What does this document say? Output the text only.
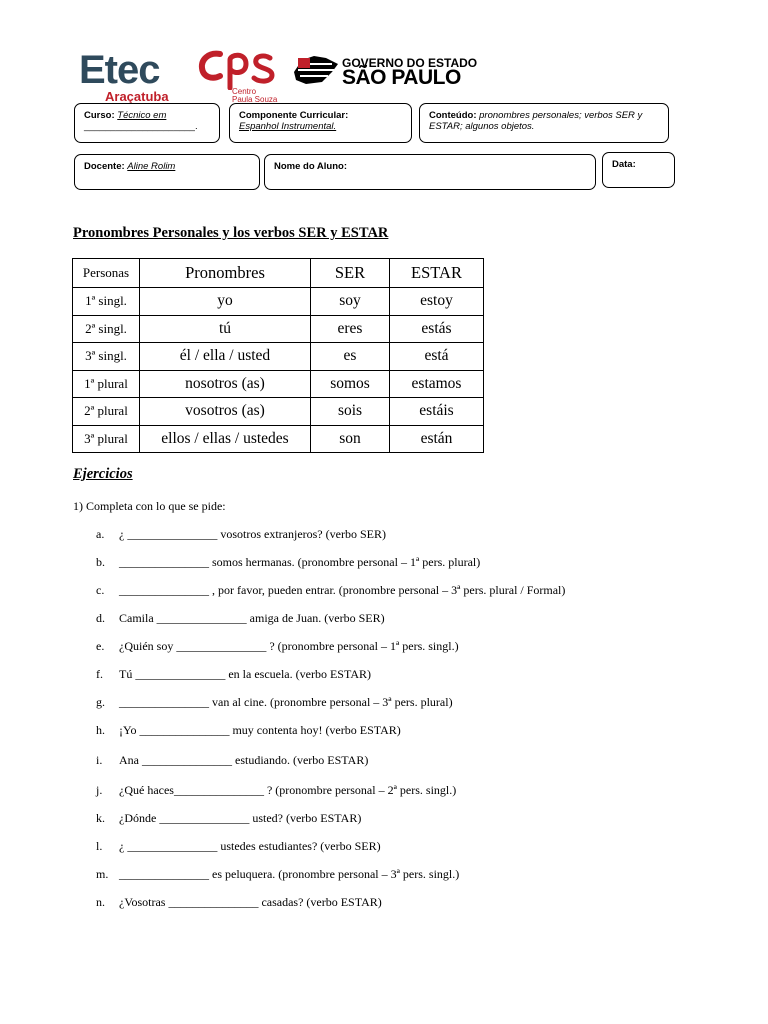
Etec
Araçatuba	Centro
Paula Souza
GOVERNO DO ESTADO
SÃO PAULO
Curso: Técnico em
_____________________.
Componente Curricular:
Espanhol Instrumental.
Conteúdo: pronombres personales; verbos SER y ESTAR; algunos objetos.
Docente: Aline Rolim	Nome do Aluno:	Data:
Pronombres Personales y los verbos SER y ESTAR
Personas	Pronombres	SER	ESTAR
1ª singl.	yo	soy	estoy
2ª singl.	tú	eres	estás
3ª singl.	él / ella / usted	es	está
1ª plural	nosotros (as)	somos	estamos
2ª plural	vosotros (as)	sois	estáis
3ª plural	ellos / ellas / ustedes	son	están
Ejercicios
1) Completa con lo que se pide:
a.	¿ _______________ vosotros extranjeros? (verbo SER)
b.	_______________ somos hermanas. (pronombre personal – 1ª pers. plural)
c.	_______________ , por favor, pueden entrar. (pronombre personal – 3ª pers. plural / Formal)
d.	Camila _______________ amiga de Juan. (verbo SER)
e.	¿Quién soy _______________ ? (pronombre personal – 1ª pers. singl.)
f.	Tú _______________ en la escuela. (verbo ESTAR)
g.	_______________ van al cine. (pronombre personal – 3ª pers. plural)
h.	¡Yo _______________ muy contenta hoy! (verbo ESTAR)
i.	Ana _______________ estudiando. (verbo ESTAR)
j.	¿Qué haces_______________ ? (pronombre personal – 2ª pers. singl.)
k.	¿Dónde _______________ usted? (verbo ESTAR)
l.	¿ _______________ ustedes estudiantes? (verbo SER)
m. _______________ es peluquera. (pronombre personal – 3ª pers. singl.)
n.	¿Vosotras _______________ casadas? (verbo ESTAR)
